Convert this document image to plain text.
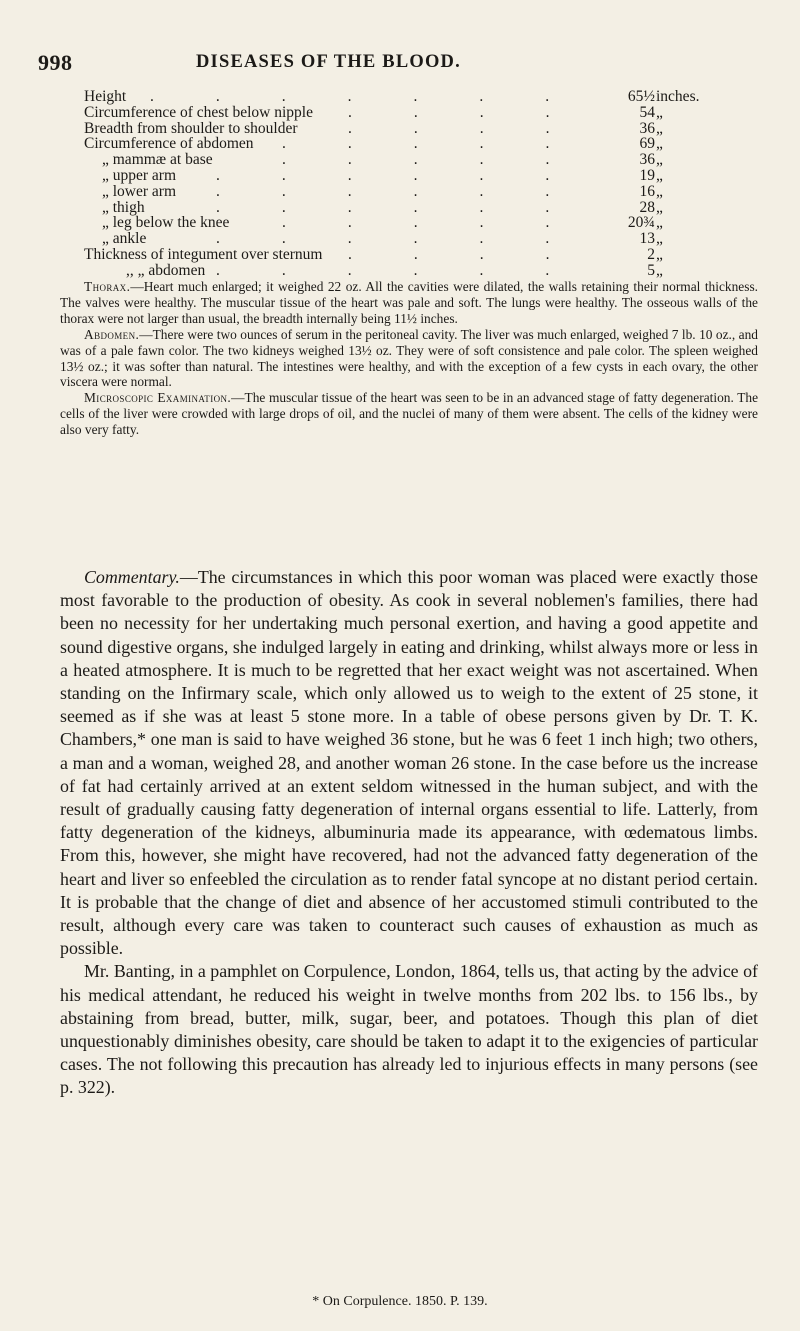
998	DISEASES OF THE BLOOD.
Height ....... 65½ inches.
Circumference of chest below nipple .... 54 „
Breadth from shoulder to shoulder	.... 36 „
Circumference of abdomen ..... 69 „
„ mammæ at base	..... 36 „
„ upper arm	...... 19 „
„ lower arm	...... 16 „
„ thigh	...... 28 „
„ leg below the knee	..... 20¾ „
„ ankle	...... 13 „
Thickness of integument over sternum .... 2 „
,, „ abdomen ...... 5 „

Thorax.—Heart much enlarged; it weighed 22 oz. All the cavities were dilated, the walls retaining their normal thickness. The valves were healthy. The muscular tissue of the heart was pale and soft. The lungs were healthy. The osseous walls of the thorax were not larger than usual, the breadth internally being 11½ inches.

Abdomen.—There were two ounces of serum in the peritoneal cavity. The liver was much enlarged, weighed 7 lb. 10 oz., and was of a pale fawn color. The two kidneys weighed 13½ oz. They were of soft consistence and pale color. The spleen weighed 13½ oz.; it was softer than natural. The intestines were healthy, and with the exception of a few cysts in each ovary, the other viscera were normal.

Microscopic Examination.—The muscular tissue of the heart was seen to be in an advanced stage of fatty degeneration. The cells of the liver were crowded with large drops of oil, and the nuclei of many of them were absent. The cells of the kidney were also very fatty.

Commentary.—The circumstances in which this poor woman was placed were exactly those most favorable to the production of obesity. As cook in several noblemen's families, there had been no necessity for her undertaking much personal exertion, and having a good appetite and sound digestive organs, she indulged largely in eating and drinking, whilst always more or less in a heated atmosphere. It is much to be regretted that her exact weight was not ascertained. When standing on the Infirmary scale, which only allowed us to weigh to the extent of 25 stone, it seemed as if she was at least 5 stone more. In a table of obese persons given by Dr. T. K. Chambers,* one man is said to have weighed 36 stone, but he was 6 feet 1 inch high; two others, a man and a woman, weighed 28, and another woman 26 stone. In the case before us the increase of fat had certainly arrived at an extent seldom witnessed in the human subject, and with the result of gradually causing fatty degeneration of internal organs essential to life. Latterly, from fatty degeneration of the kidneys, albuminuria made its appearance, with œdematous limbs. From this, however, she might have recovered, had not the advanced fatty degeneration of the heart and liver so enfeebled the circulation as to render fatal syncope at no distant period certain. It is probable that the change of diet and absence of her accustomed stimuli contributed to the result, although every care was taken to counteract such causes of exhaustion as much as possible.

Mr. Banting, in a pamphlet on Corpulence, London, 1864, tells us, that acting by the advice of his medical attendant, he reduced his weight in twelve months from 202 lbs. to 156 lbs., by abstaining from bread, butter, milk, sugar, beer, and potatoes. Though this plan of diet unquestionably diminishes obesity, care should be taken to adapt it to the exigencies of particular cases. The not following this precaution has already led to injurious effects in many persons (see p. 322).

* On Corpulence. 1850. P. 139.
